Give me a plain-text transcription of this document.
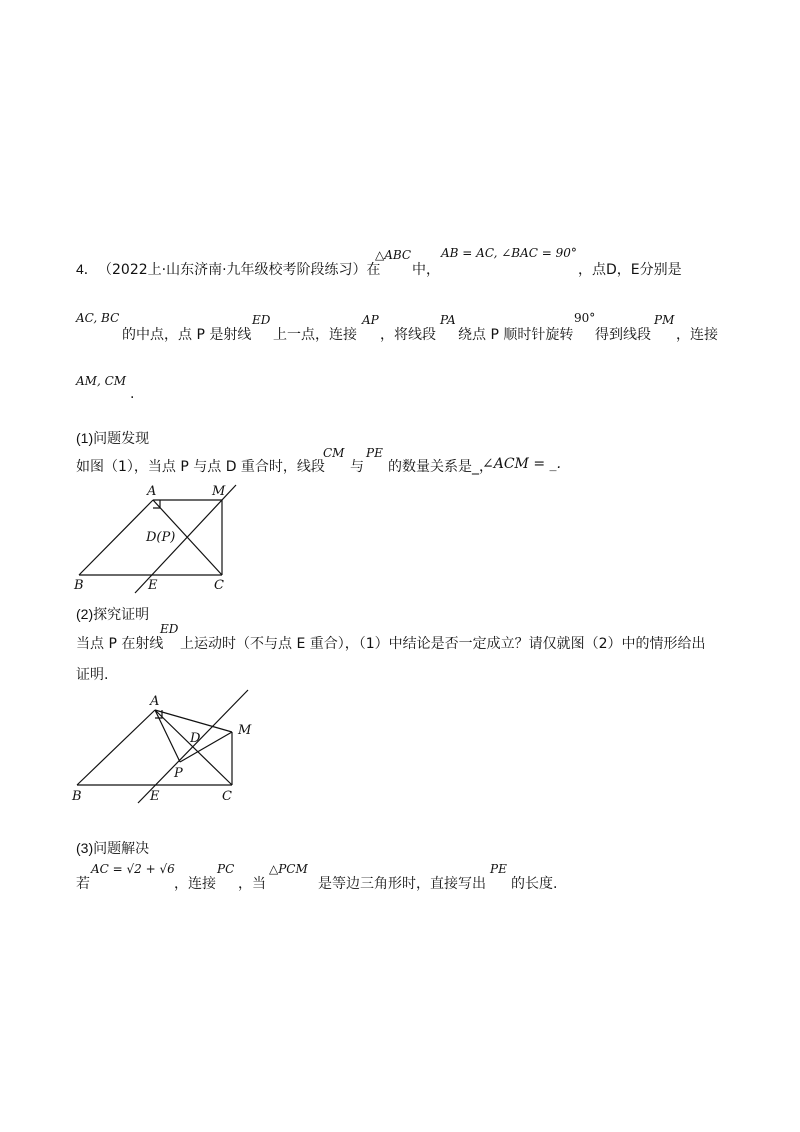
4． （2022上·山东济南·九年级校考阶段练习）在
△ABC
中，
AB = AC, ∠BAC = 90°
，点D，E分别是
AC, BC
的中点，点 P 是射线
ED
上一点，连接
AP
，将线段
PA
绕点 P 顺时针旋转
90°
得到线段
PM
，连接
AM, CM
.
(1)问题发现
如图（1），当点 P 与点 D 重合时，线段
CM
与
PE
的数量关系是_，
∠ACM = _.
A	M
D(P)
B	E	C
A
M
D
P
B	E	C
(2)探究证明
当点 P 在射线
ED
上运动时（不与点 E 重合），（1）中结论是否一定成立？请仅就图（2）中的情形给出
证明.
(3)问题解决
若
AC = √2 + √6
，连接
PC
，当
△PCM
是等边三角形时，直接写出
PE
的长度.
